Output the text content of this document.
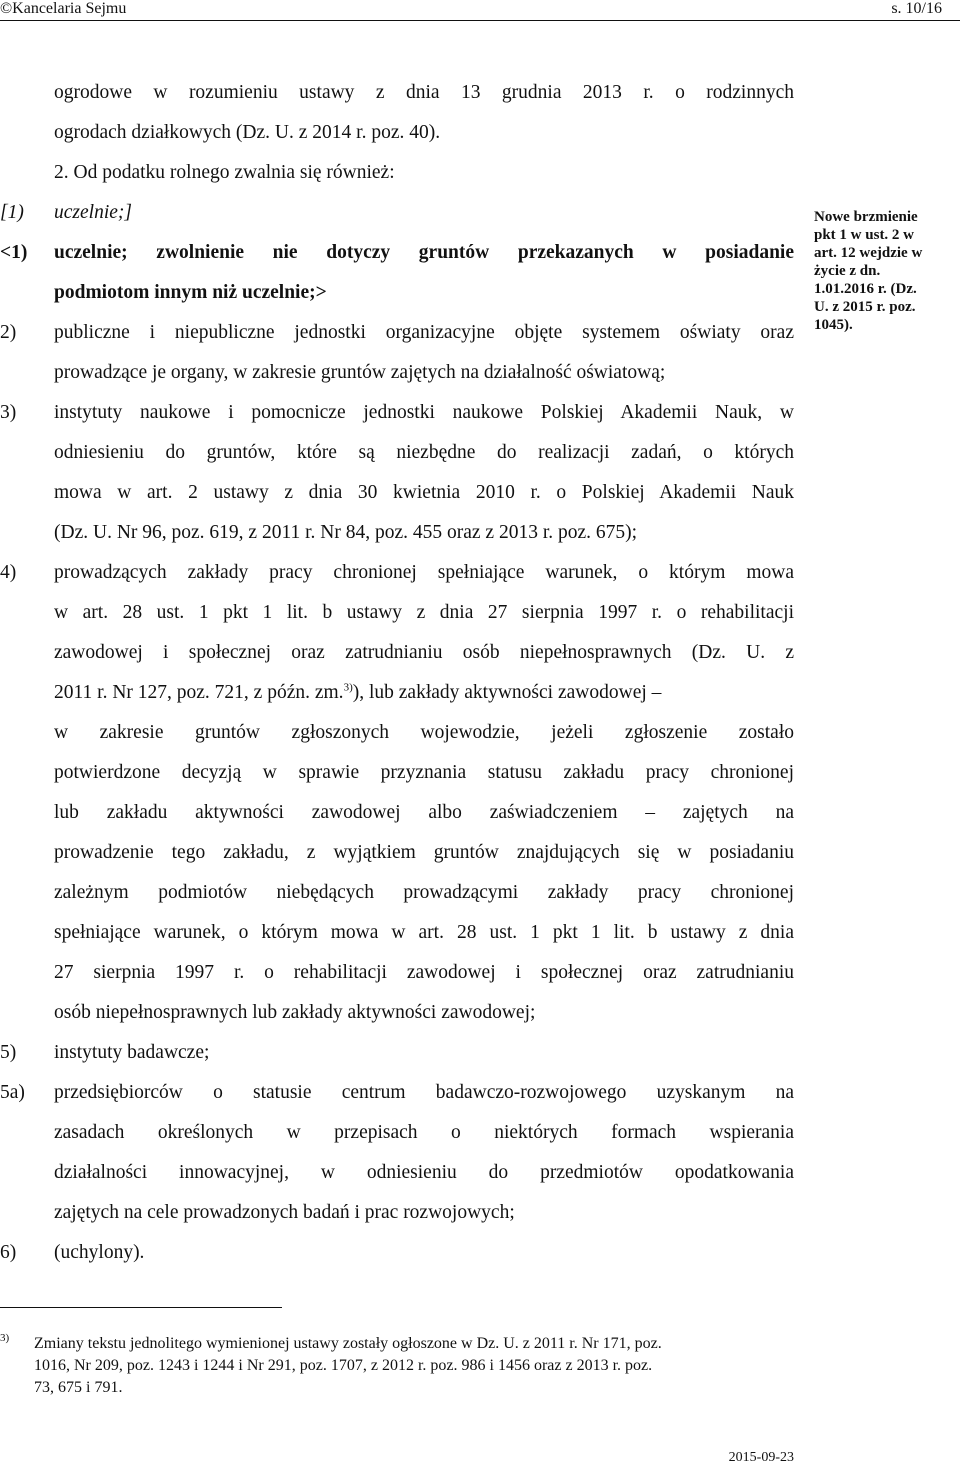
©Kancelaria Sejmu	s. 10/16
ogrodowe w rozumieniu ustawy z dnia 13 grudnia 2013 r. o rodzinnych
ogrodach działkowych (Dz. U. z 2014 r. poz. 40).
2. Od podatku rolnego zwalnia się również:
[1)	uczelnie;]
<1)	uczelnie; zwolnienie nie dotyczy gruntów przekazanych w posiadanie
podmiotom innym niż uczelnie;>
2)	publiczne i niepubliczne jednostki organizacyjne objęte systemem oświaty oraz
prowadzące je organy, w zakresie gruntów zajętych na działalność oświatową;
3)	instytuty naukowe i pomocnicze jednostki naukowe Polskiej Akademii Nauk, w
odniesieniu do gruntów, które są niezbędne do realizacji zadań, o których
mowa w art. 2 ustawy z dnia 30 kwietnia 2010 r. o Polskiej Akademii Nauk
(Dz. U. Nr 96, poz. 619, z 2011 r. Nr 84, poz. 455 oraz z 2013 r. poz. 675);
4)	prowadzących zakłady pracy chronionej spełniające warunek, o którym mowa
w art. 28 ust. 1 pkt 1 lit. b ustawy z dnia 27 sierpnia 1997 r. o rehabilitacji
zawodowej i społecznej oraz zatrudnianiu osób niepełnosprawnych (Dz. U. z
2011 r. Nr 127, poz. 721, z późn. zm.$^{3)}$), lub zakłady aktywności zawodowej –
w zakresie gruntów zgłoszonych wojewodzie, jeżeli zgłoszenie zostało
potwierdzone decyzją w sprawie przyznania statusu zakładu pracy chronionej
lub zakładu aktywności zawodowej albo zaświadczeniem – zajętych na
prowadzenie tego zakładu, z wyjątkiem gruntów znajdujących się w posiadaniu
zależnym podmiotów niebędących prowadzącymi zakłady pracy chronionej
spełniające warunek, o którym mowa w art. 28 ust. 1 pkt 1 lit. b ustawy z dnia
27 sierpnia 1997 r. o rehabilitacji zawodowej i społecznej oraz zatrudnianiu
osób niepełnosprawnych lub zakłady aktywności zawodowej;
5)	instytuty badawcze;
5a)	przedsiębiorców o statusie centrum badawczo-rozwojowego uzyskanym na
zasadach określonych w przepisach o niektórych formach wspierania
działalności innowacyjnej, w odniesieniu do przedmiotów opodatkowania
zajętych na cele prowadzonych badań i prac rozwojowych;
6)	(uchylony).
Nowe brzmienie
pkt 1 w ust. 2 w
art. 12 wejdzie w
życie z dn.
1.01.2016 r. (Dz.
U. z 2015 r. poz.
1045).
3) Zmiany tekstu jednolitego wymienionej ustawy zostały ogłoszone w Dz. U. z 2011 r. Nr 171, poz.
1016, Nr 209, poz. 1243 i 1244 i Nr 291, poz. 1707, z 2012 r. poz. 986 i 1456 oraz z 2013 r. poz.
73, 675 i 791.
2015-09-23
